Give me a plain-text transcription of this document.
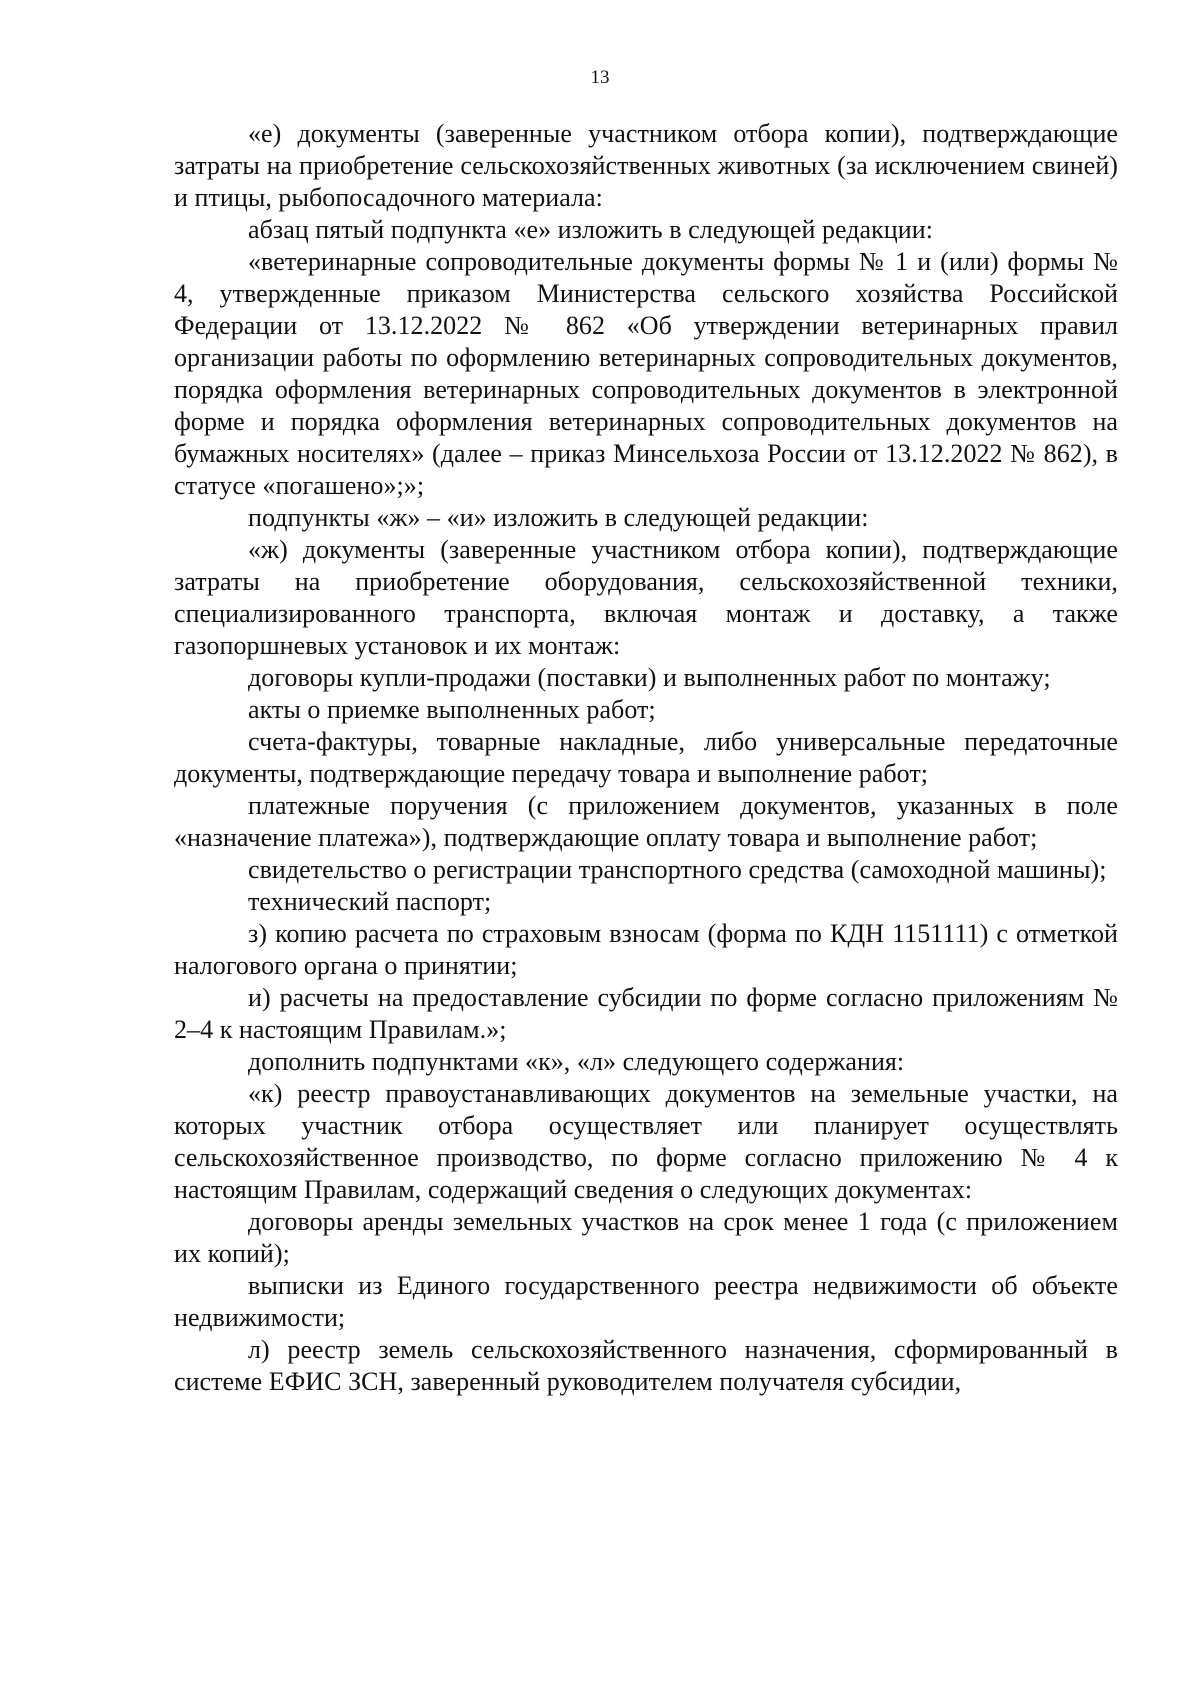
13

«е) документы (заверенные участником отбора копии), подтверждающие затраты на приобретение сельскохозяйственных животных (за исключением свиней) и птицы, рыбопосадочного материала:

абзац пятый подпункта «е» изложить в следующей редакции:

«ветеринарные сопроводительные документы формы № 1 и (или) формы № 4, утвержденные приказом Министерства сельского хозяйства Российской Федерации от 13.12.2022 № 862 «Об утверждении ветеринарных правил организации работы по оформлению ветеринарных сопроводительных документов, порядка оформления ветеринарных сопроводительных документов в электронной форме и порядка оформления ветеринарных сопроводительных документов на бумажных носителях» (далее – приказ Минсельхоза России от 13.12.2022 № 862), в статусе «погашено»;»;

подпункты «ж» – «и» изложить в следующей редакции:

«ж) документы (заверенные участником отбора копии), подтверждающие затраты на приобретение оборудования, сельскохозяйственной техники, специализированного транспорта, включая монтаж и доставку, а также газопоршневых установок и их монтаж:

договоры купли-продажи (поставки) и выполненных работ по монтажу;

акты о приемке выполненных работ;

счета-фактуры, товарные накладные, либо универсальные передаточные документы, подтверждающие передачу товара и выполнение работ;

платежные поручения (с приложением документов, указанных в поле «назначение платежа»), подтверждающие оплату товара и выполнение работ;

свидетельство о регистрации транспортного средства (самоходной машины);

технический паспорт;

з) копию расчета по страховым взносам (форма по КДН 1151111) с отметкой налогового органа о принятии;

и) расчеты на предоставление субсидии по форме согласно приложениям № 2–4 к настоящим Правилам.»;

дополнить подпунктами «к», «л» следующего содержания:

«к) реестр правоустанавливающих документов на земельные участки, на которых участник отбора осуществляет или планирует осуществлять сельскохозяйственное производство, по форме согласно приложению № 4 к настоящим Правилам, содержащий сведения о следующих документах:

договоры аренды земельных участков на срок менее 1 года (с приложением их копий);

выписки из Единого государственного реестра недвижимости об объекте недвижимости;

л) реестр земель сельскохозяйственного назначения, сформированный в системе ЕФИС ЗСН, заверенный руководителем получателя субсидии,
